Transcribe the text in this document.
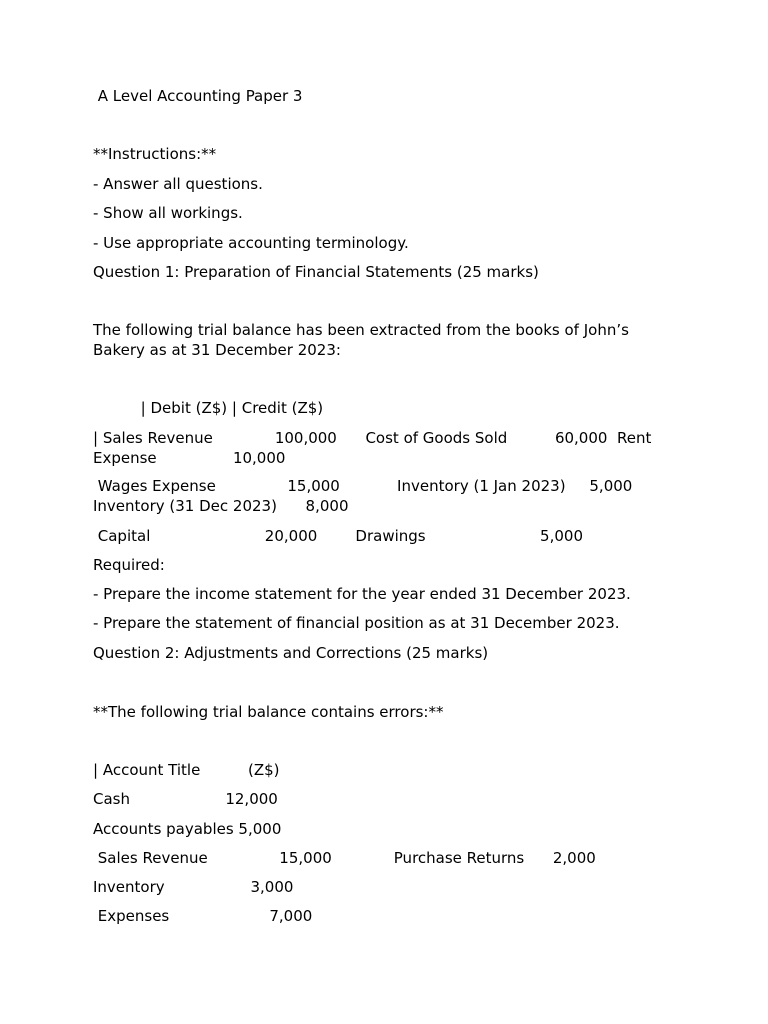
A Level Accounting Paper 3
**Instructions:**
- Answer all questions.
- Show all workings.
- Use appropriate accounting terminology.
Question 1: Preparation of Financial Statements (25 marks)
The following trial balance has been extracted from the books of John’s Bakery as at 31 December 2023:
| Debit (Z$) | Credit (Z$)
| Sales Revenue             100,000      Cost of Goods Sold          60,000  Rent Expense                10,000
Wages Expense               15,000            Inventory (1 Jan 2023)     5,000 Inventory (31 Dec 2023)      8,000
Capital                        20,000        Drawings                        5,000
Required:
- Prepare the income statement for the year ended 31 December 2023.
- Prepare the statement of financial position as at 31 December 2023.
Question 2: Adjustments and Corrections (25 marks)
**The following trial balance contains errors:**
| Account Title          (Z$)
Cash                    12,000
Accounts payables 5,000
Sales Revenue               15,000             Purchase Returns      2,000
Inventory                  3,000
Expenses                     7,000
